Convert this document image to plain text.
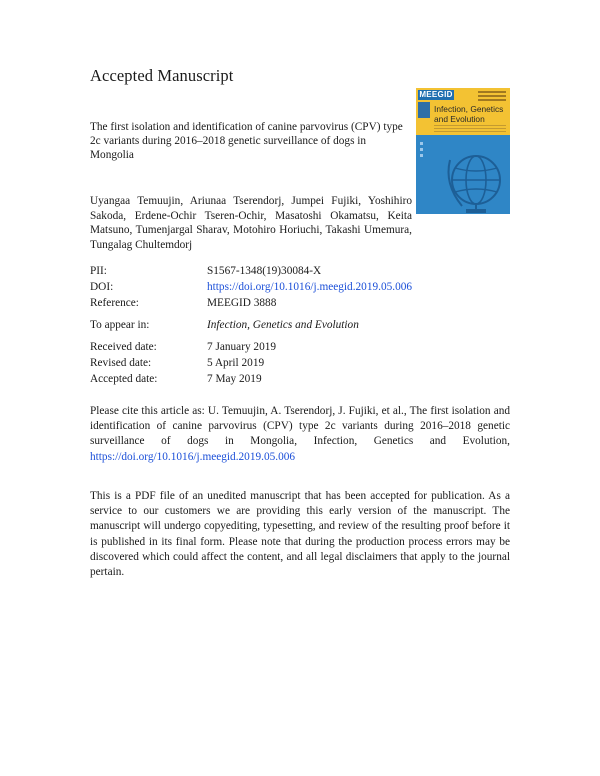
Accepted Manuscript
The first isolation and identification of canine parvovirus (CPV) type 2c variants during 2016–2018 genetic surveillance of dogs in Mongolia
Uyangaa Temuujin, Ariunaa Tserendorj, Jumpei Fujiki, Yoshihiro Sakoda, Erdene-Ochir Tseren-Ochir, Masatoshi Okamatsu, Keita Matsuno, Tumenjargal Sharav, Motohiro Horiuchi, Takashi Umemura, Tungalag Chultemdorj
MEEGID
Infection, Genetics and Evolution
PII:	S1567-1348(19)30084-X
DOI:	https://doi.org/10.1016/j.meegid.2019.05.006
Reference:	MEEGID 3888
To appear in:	Infection, Genetics and Evolution
Received date:	7 January 2019
Revised date:	5 April 2019
Accepted date:	7 May 2019
Please cite this article as: U. Temuujin, A. Tserendorj, J. Fujiki, et al., The first isolation and identification of canine parvovirus (CPV) type 2c variants during 2016–2018 genetic surveillance of dogs in Mongolia, Infection, Genetics and Evolution, https://doi.org/10.1016/j.meegid.2019.05.006
This is a PDF file of an unedited manuscript that has been accepted for publication. As a service to our customers we are providing this early version of the manuscript. The manuscript will undergo copyediting, typesetting, and review of the resulting proof before it is published in its final form. Please note that during the production process errors may be discovered which could affect the content, and all legal disclaimers that apply to the journal pertain.
